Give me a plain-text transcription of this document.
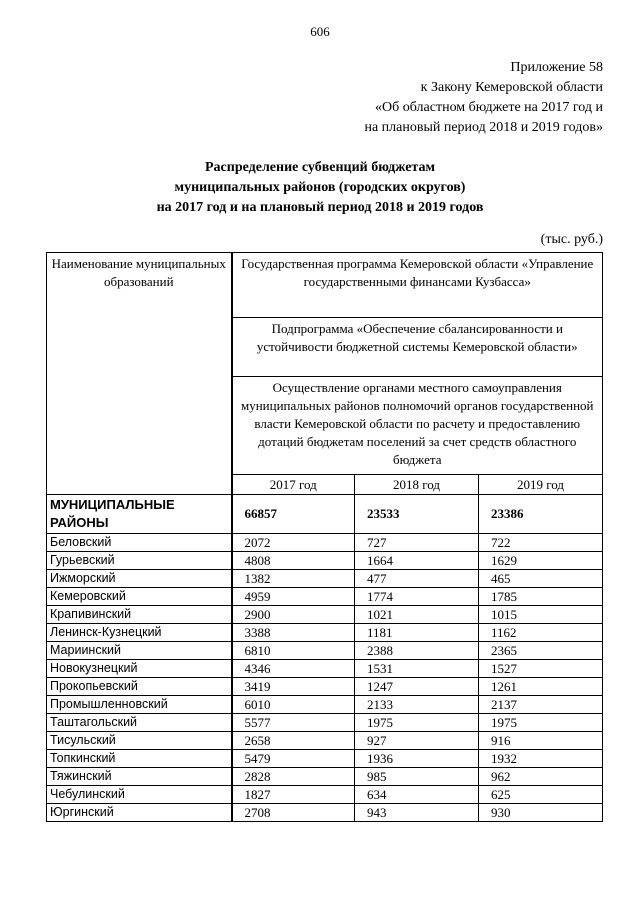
606
Приложение 58
к Закону Кемеровской области
«Об областном бюджете на 2017 год и
на плановый период 2018 и 2019 годов»
Распределение субвенций бюджетам
муниципальных районов (городских округов)
на 2017 год и на плановый период 2018 и 2019 годов
(тыс. руб.)
Наименование муниципальных образований	Государственная программа Кемеровской области «Управление государственными финансами Кузбасса»		
	Подпрограмма «Обеспечение сбалансированности и устойчивости бюджетной системы Кемеровской области»		
	Осуществление органами местного самоуправления муниципальных районов полномочий органов государственной власти Кемеровской области по расчету и предоставлению дотаций бюджетам поселений за счет средств областного бюджета		
	2017 год	2018 год	2019 год
МУНИЦИПАЛЬНЫЕ РАЙОНЫ	66857	23533	23386
Беловский	2072	727	722
Гурьевский	4808	1664	1629
Ижморский	1382	477	465
Кемеровский	4959	1774	1785
Крапивинский	2900	1021	1015
Ленинск-Кузнецкий	3388	1181	1162
Мариинский	6810	2388	2365
Новокузнецкий	4346	1531	1527
Прокопьевский	3419	1247	1261
Промышленновский	6010	2133	2137
Таштагольский	5577	1975	1975
Тисульский	2658	927	916
Топкинский	5479	1936	1932
Тяжинский	2828	985	962
Чебулинский	1827	634	625
Юргинский	2708	943	930
